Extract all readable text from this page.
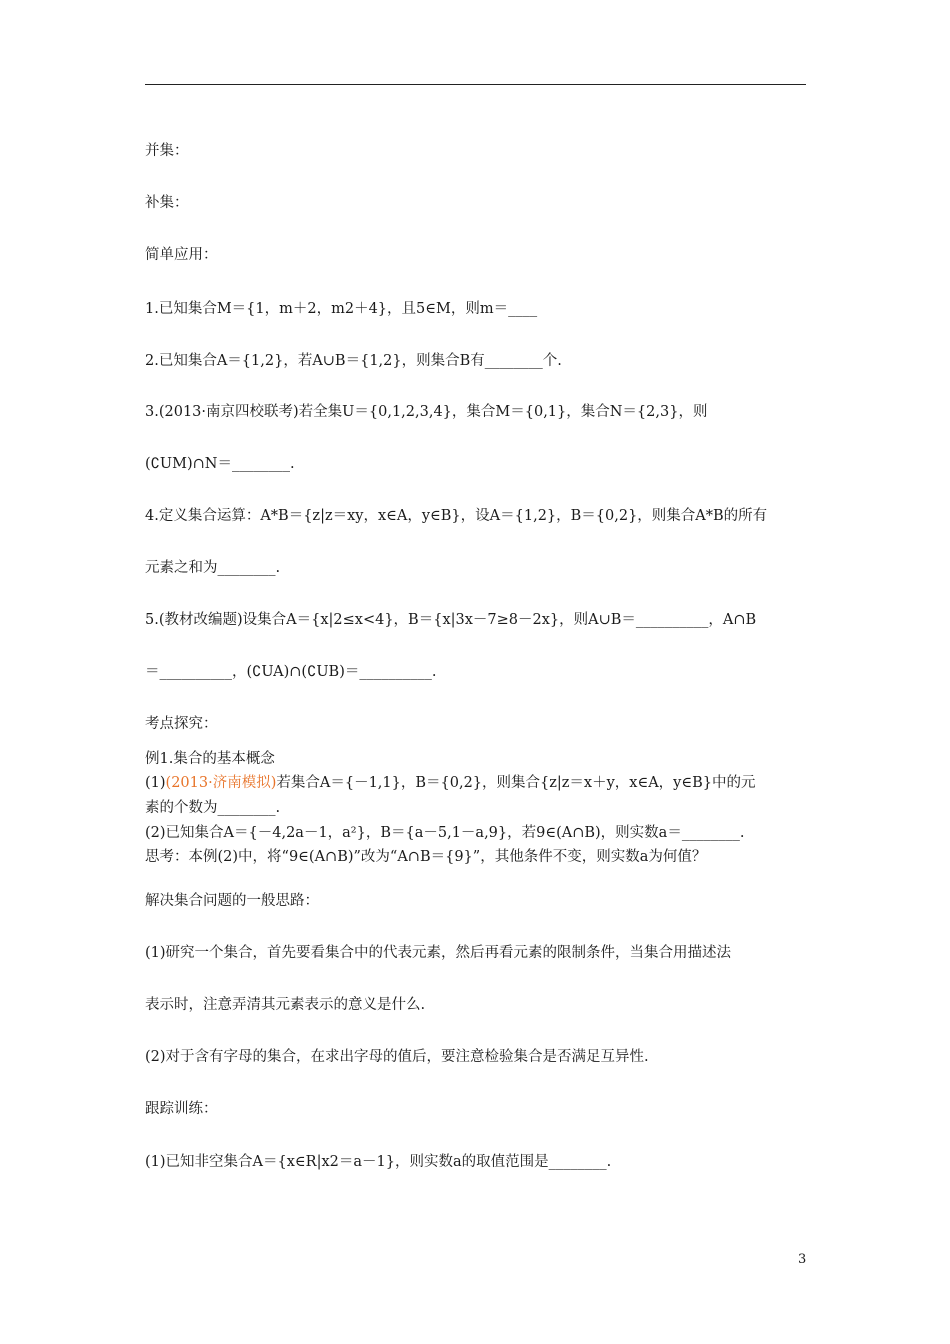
并集：
补集：
简单应用：
1.已知集合M＝{1，m＋2，m2＋4}，且5∈M，则m＝____
2.已知集合A＝{1,2}，若A∪B＝{1,2}，则集合B有________个.
3.(2013·南京四校联考)若全集U＝{0,1,2,3,4}，集合M＝{0,1}，集合N＝{2,3}，则
(∁UM)∩N＝________.
4.定义集合运算：A*B＝{z|z＝xy，x∈A，y∈B}，设A＝{1,2}，B＝{0,2}，则集合A*B的所有
元素之和为________.
5.(教材改编题)设集合A＝{x|2≤x<4}，B＝{x|3x－7≥8－2x}，则A∪B＝__________，A∩B
＝__________，(∁UA)∩(∁UB)＝__________.
考点探究：
例1.集合的基本概念
(1)(2013·济南模拟)若集合A＝{－1,1}，B＝{0,2}，则集合{z|z＝x＋y，x∈A，y∈B}中的元
素的个数为________.
(2)已知集合A＝{－4,2a－1，a²}，B＝{a－5,1－a,9}，若9∈(A∩B)，则实数a＝________.
思考：本例(2)中，将“9∈(A∩B)”改为“A∩B＝{9}”，其他条件不变，则实数a为何值？
解决集合问题的一般思路：
(1)研究一个集合，首先要看集合中的代表元素，然后再看元素的限制条件，当集合用描述法
表示时，注意弄清其元素表示的意义是什么.
(2)对于含有字母的集合，在求出字母的值后，要注意检验集合是否满足互异性.
跟踪训练：
(1)已知非空集合A＝{x∈R|x2＝a－1}，则实数a的取值范围是________.
3
